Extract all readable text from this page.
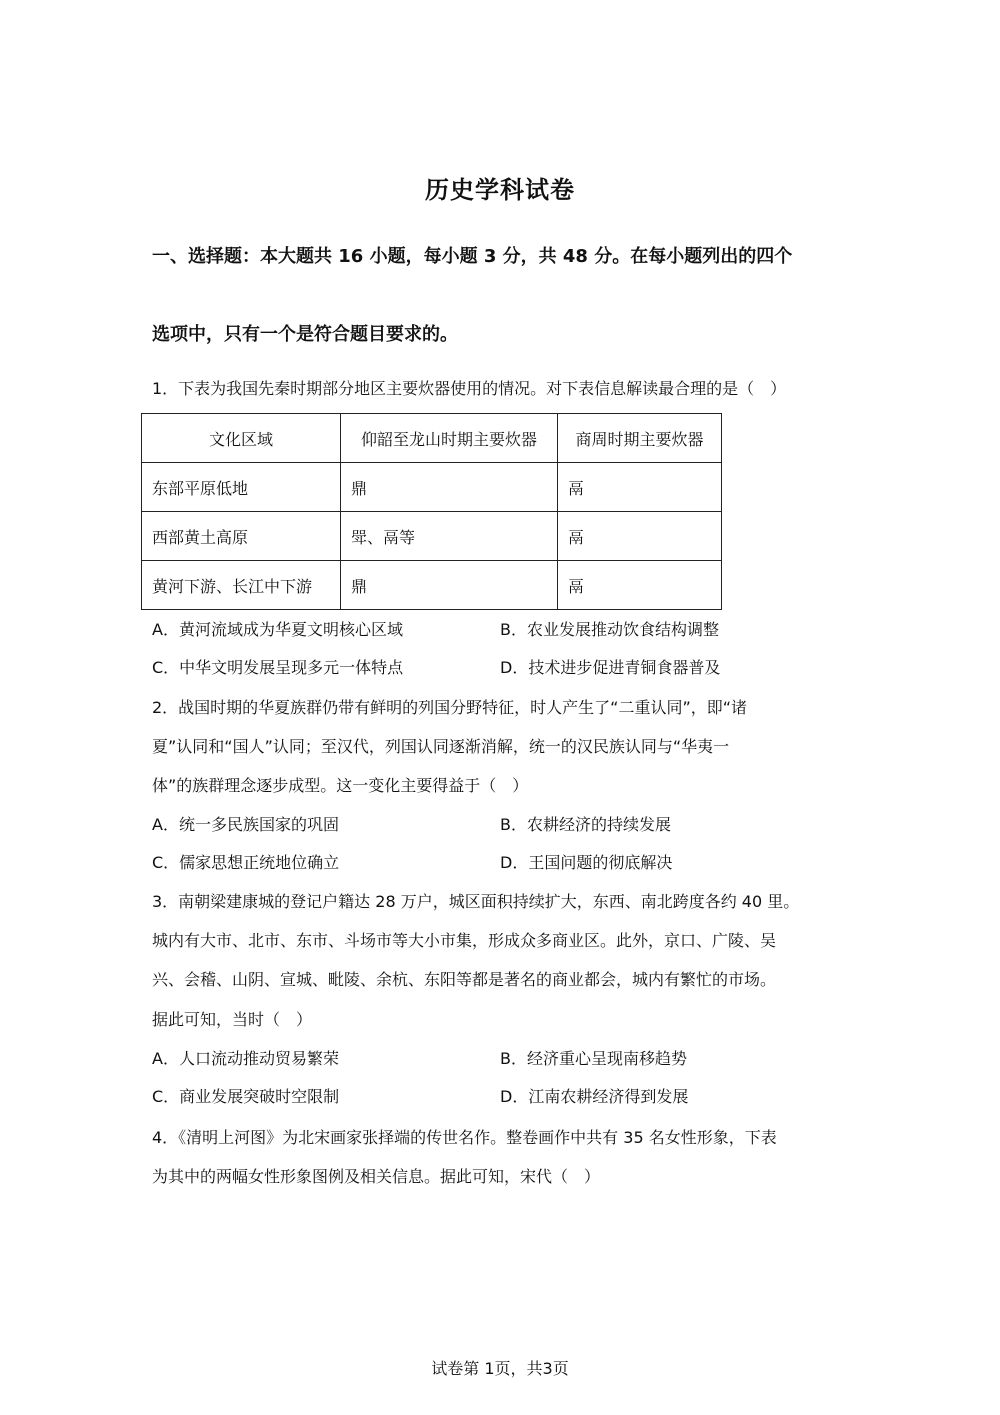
历史学科试卷
一、选择题：本大题共 16 小题，每小题 3 分，共 48 分。在每小题列出的四个
选项中，只有一个是符合题目要求的。
1．下表为我国先秦时期部分地区主要炊器使用的情况。对下表信息解读最合理的是（　）
文化区域	仰韶至龙山时期主要炊器	商周时期主要炊器
东部平原低地	鼎	鬲
西部黄土高原	斝、鬲等	鬲
黄河下游、长江中下游	鼎	鬲
A．黄河流域成为华夏文明核心区域	B．农业发展推动饮食结构调整
C．中华文明发展呈现多元一体特点	D．技术进步促进青铜食器普及
2．战国时期的华夏族群仍带有鲜明的列国分野特征，时人产生了“二重认同”，即“诸
夏”认同和“国人”认同；至汉代，列国认同逐渐消解，统一的汉民族认同与“华夷一
体”的族群理念逐步成型。这一变化主要得益于（　）
A．统一多民族国家的巩固	B．农耕经济的持续发展
C．儒家思想正统地位确立	D．王国问题的彻底解决
3．南朝梁建康城的登记户籍达 28 万户，城区面积持续扩大，东西、南北跨度各约 40 里。
城内有大市、北市、东市、斗场市等大小市集，形成众多商业区。此外，京口、广陵、吴
兴、会稽、山阴、宣城、毗陵、余杭、东阳等都是著名的商业都会，城内有繁忙的市场。
据此可知，当时（　）
A．人口流动推动贸易繁荣	B．经济重心呈现南移趋势
C．商业发展突破时空限制	D．江南农耕经济得到发展
4．《清明上河图》为北宋画家张择端的传世名作。整卷画作中共有 35 名女性形象，下表
为其中的两幅女性形象图例及相关信息。据此可知，宋代（　）
试卷第 1页，共3页
